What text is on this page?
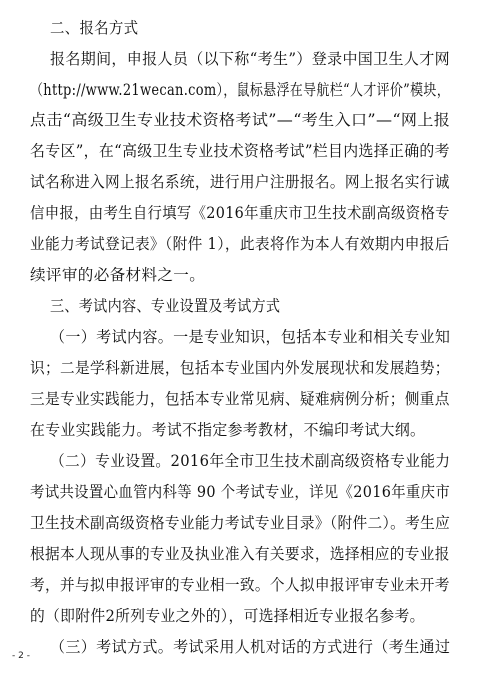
二、报名方式
报名期间，申报人员（以下称“考生”）登录中国卫生人才网
（http://www.21wecan.com），鼠标悬浮在导航栏“人才评价”模块，
点击“高级卫生专业技术资格考试”—“考生入口”—“网上报
名专区”，在“高级卫生专业技术资格考试”栏目内选择正确的考
试名称进入网上报名系统，进行用户注册报名。网上报名实行诚
信申报，由考生自行填写《2016年重庆市卫生技术副高级资格专
业能力考试登记表》（附件 1），此表将作为本人有效期内申报后
续评审的必备材料之一。
三、考试内容、专业设置及考试方式
（一）考试内容。一是专业知识，包括本专业和相关专业知
识；二是学科新进展，包括本专业国内外发展现状和发展趋势；
三是专业实践能力，包括本专业常见病、疑难病例分析；侧重点
在专业实践能力。考试不指定参考教材，不编印考试大纲。
（二）专业设置。2016年全市卫生技术副高级资格专业能力
考试共设置心血管内科等 90 个考试专业，详见《2016年重庆市
卫生技术副高级资格专业能力考试专业目录》（附件二）。考生应
根据本人现从事的专业及执业准入有关要求，选择相应的专业报
考，并与拟申报评审的专业相一致。个人拟申报评审专业未开考
的（即附件2所列专业之外的），可选择相近专业报名参考。
（三）考试方式。考试采用人机对话的方式进行（考生通过
- 2 -
